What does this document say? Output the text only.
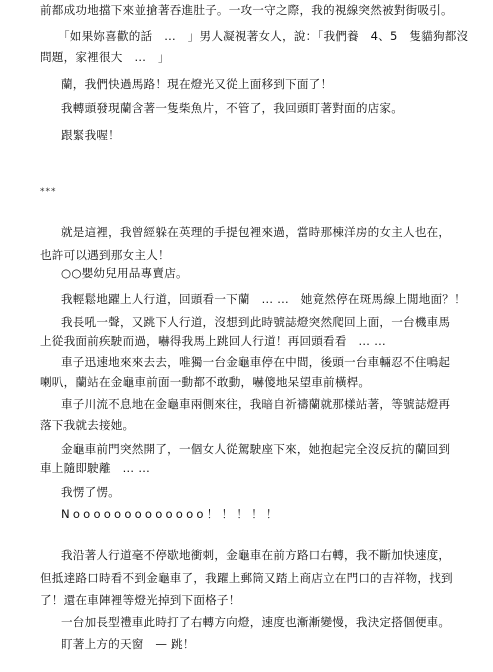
前都成功地擋下來並搶著吞進肚子。一攻一守之際，我的視線突然被對街吸引。
「如果妳喜歡的話　…　」男人凝視著女人，說：「我們養　4、5　隻貓狗都沒
問題，家裡很大　…　」
蘭，我們快過馬路！現在燈光又從上面移到下面了！
我轉頭發現蘭含著一隻柴魚片，不管了，我回頭盯著對面的店家。
跟緊我喔！
***
就是這裡，我曾經躲在英理的手提包裡來過，當時那棟洋房的女主人也在，
也許可以遇到那女主人！
○○嬰幼兒用品專賣店。
我輕鬆地躍上人行道，回頭看一下蘭　… …　她竟然停在斑馬線上閒地面？！
我長吼一聲，又跳下人行道，沒想到此時號誌燈突然爬回上面，一台機車馬
上從我面前疾駛而過，嚇得我馬上跳回人行道！再回頭看看　… …
車子迅速地來來去去，唯獨一台金龜車停在中間，後頭一台車輛忍不住鳴起
喇叭，蘭站在金龜車前面一動都不敢動，嚇傻地呆望車前橫桿。
車子川流不息地在金龜車兩側來往，我暗自祈禱蘭就那樣站著，等號誌燈再
落下我就去接她。
金龜車前門突然開了，一個女人從駕駛座下來，她抱起完全沒反抗的蘭回到
車上隨即駛離　… …
我愣了愣。
Nooooooooooooo！！！！！
我沿著人行道毫不停歇地衝刺，金龜車在前方路口右轉，我不斷加快速度，
但抵達路口時看不到金龜車了，我躍上郵筒又踏上商店立在門口的吉祥物，找到
了！還在車陣裡等燈光掉到下面格子！
一台加長型禮車此時打了右轉方向燈，速度也漸漸變慢，我決定搭個便車。
盯著上方的天窗　— 跳！
